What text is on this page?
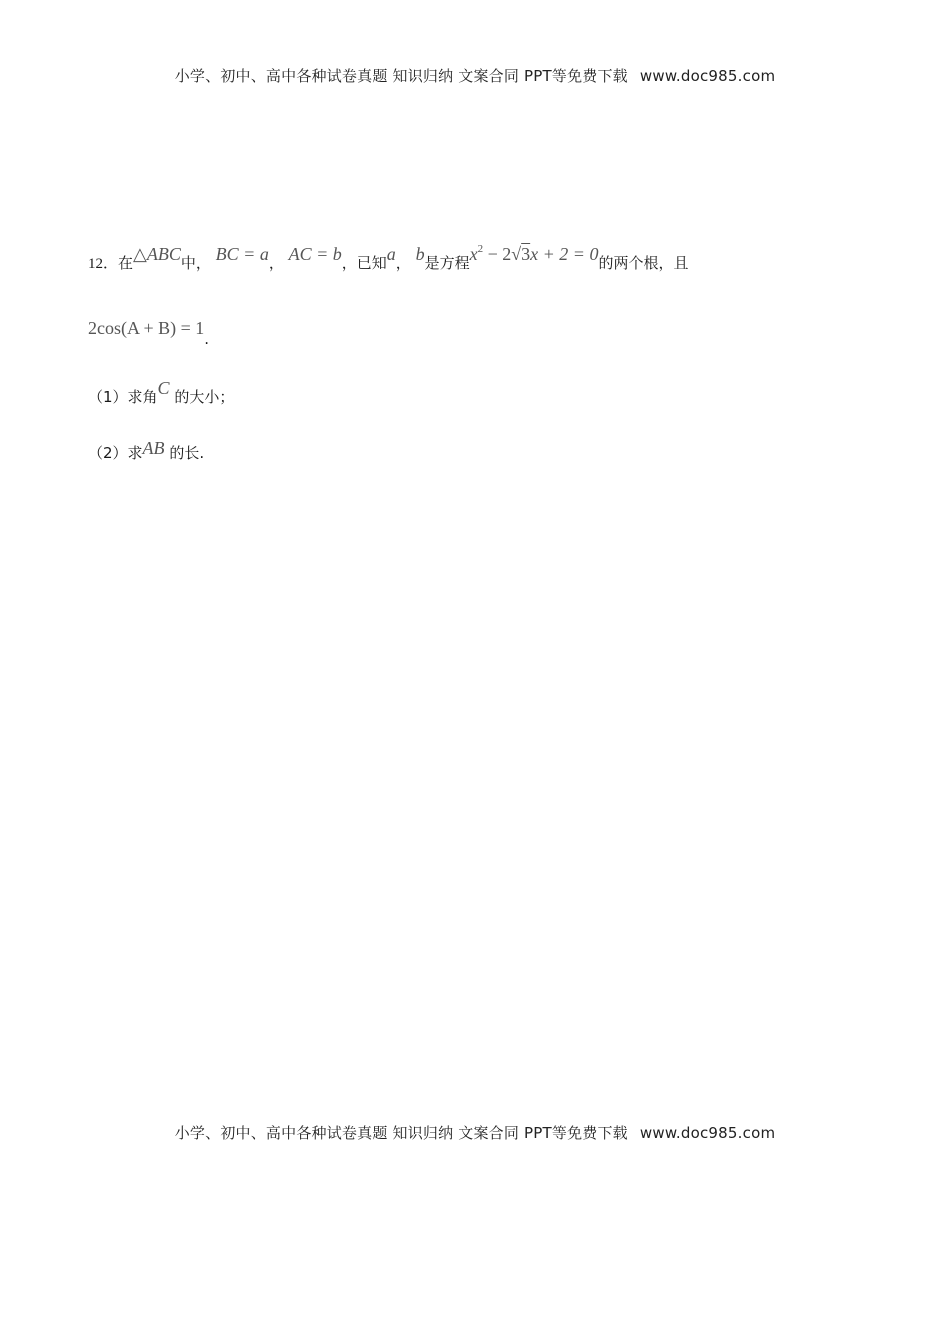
小学、初中、高中各种试卷真题 知识归纳 文案合同 PPT等免费下载 www.doc985.com
12．在△ABC中， BC = a， AC = b，已知a， b是方程$x^2 - 2√3x + 2 = 0$的两个根，且
2cos(A + B) = 1.
（1）求角C 的大小；
（2）求AB 的长.
小学、初中、高中各种试卷真题 知识归纳 文案合同 PPT等免费下载 www.doc985.com
